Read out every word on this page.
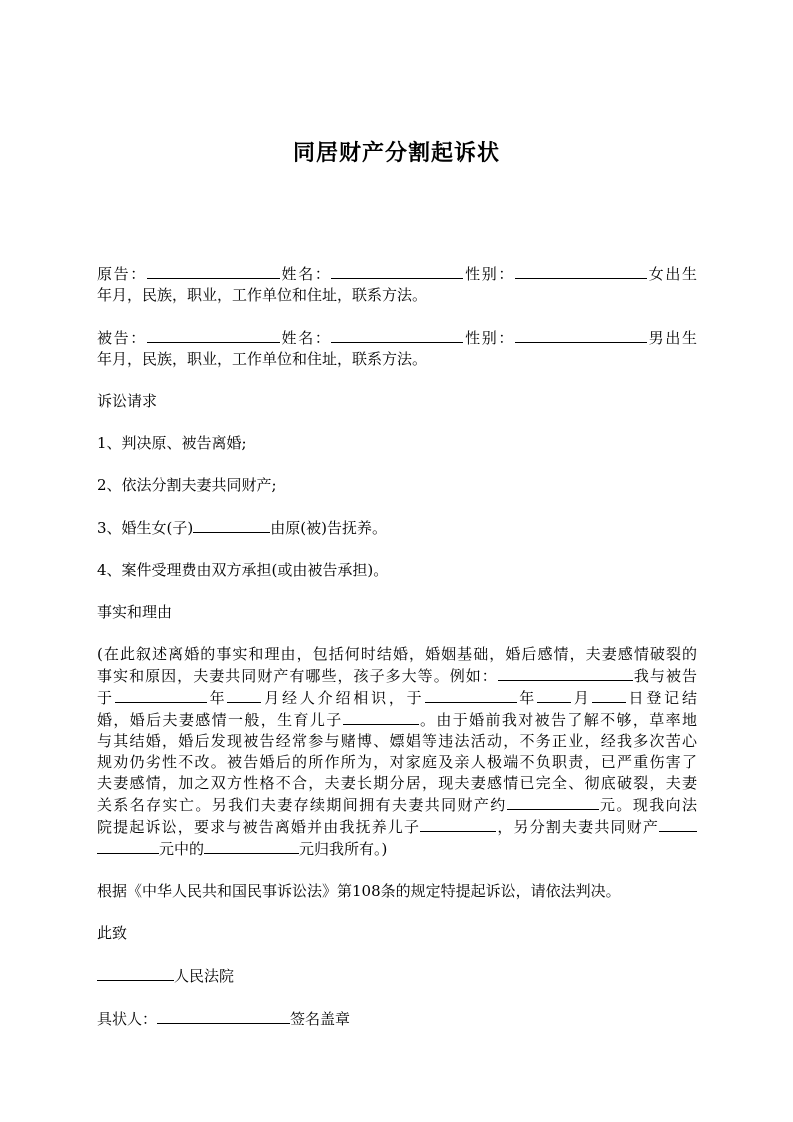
同居财产分割起诉状
原告：	姓名：	性别：	女出生
年月，民族，职业，工作单位和住址，联系方法。
被告：	姓名：	性别：	男出生
年月，民族，职业，工作单位和住址，联系方法。
诉讼请求
1、判决原、被告离婚;
2、依法分割夫妻共同财产;
3、婚生女(子)	由原(被)告抚养。
4、案件受理费由双方承担(或由被告承担)。
事实和理由
(在此叙述离婚的事实和理由，包括何时结婚，婚姻基础，婚后感情，夫妻感情破裂的
事实和原因，夫妻共同财产有哪些，孩子多大等。例如：	我与被告
于	年 月经人介绍相识，于	年 月 日登记结
婚，婚后夫妻感情一般，生育儿子	。由于婚前我对被告了解不够，草率地
与其结婚，婚后发现被告经常参与赌博、嫖娼等违法活动，不务正业，经我多次苦心
规劝仍劣性不改。被告婚后的所作所为，对家庭及亲人极端不负职责，已严重伤害了
夫妻感情，加之双方性格不合，夫妻长期分居，现夫妻感情已完全、彻底破裂，夫妻
关系名存实亡。另我们夫妻存续期间拥有夫妻共同财产约	元。现我向法
院提起诉讼，要求与被告离婚并由我抚养儿子	，另分割夫妻共同财产
元中的	元归我所有。)
根据《中华人民共和国民事诉讼法》第108条的规定特提起诉讼，请依法判决。
此致
人民法院
具状人：	签名盖章
